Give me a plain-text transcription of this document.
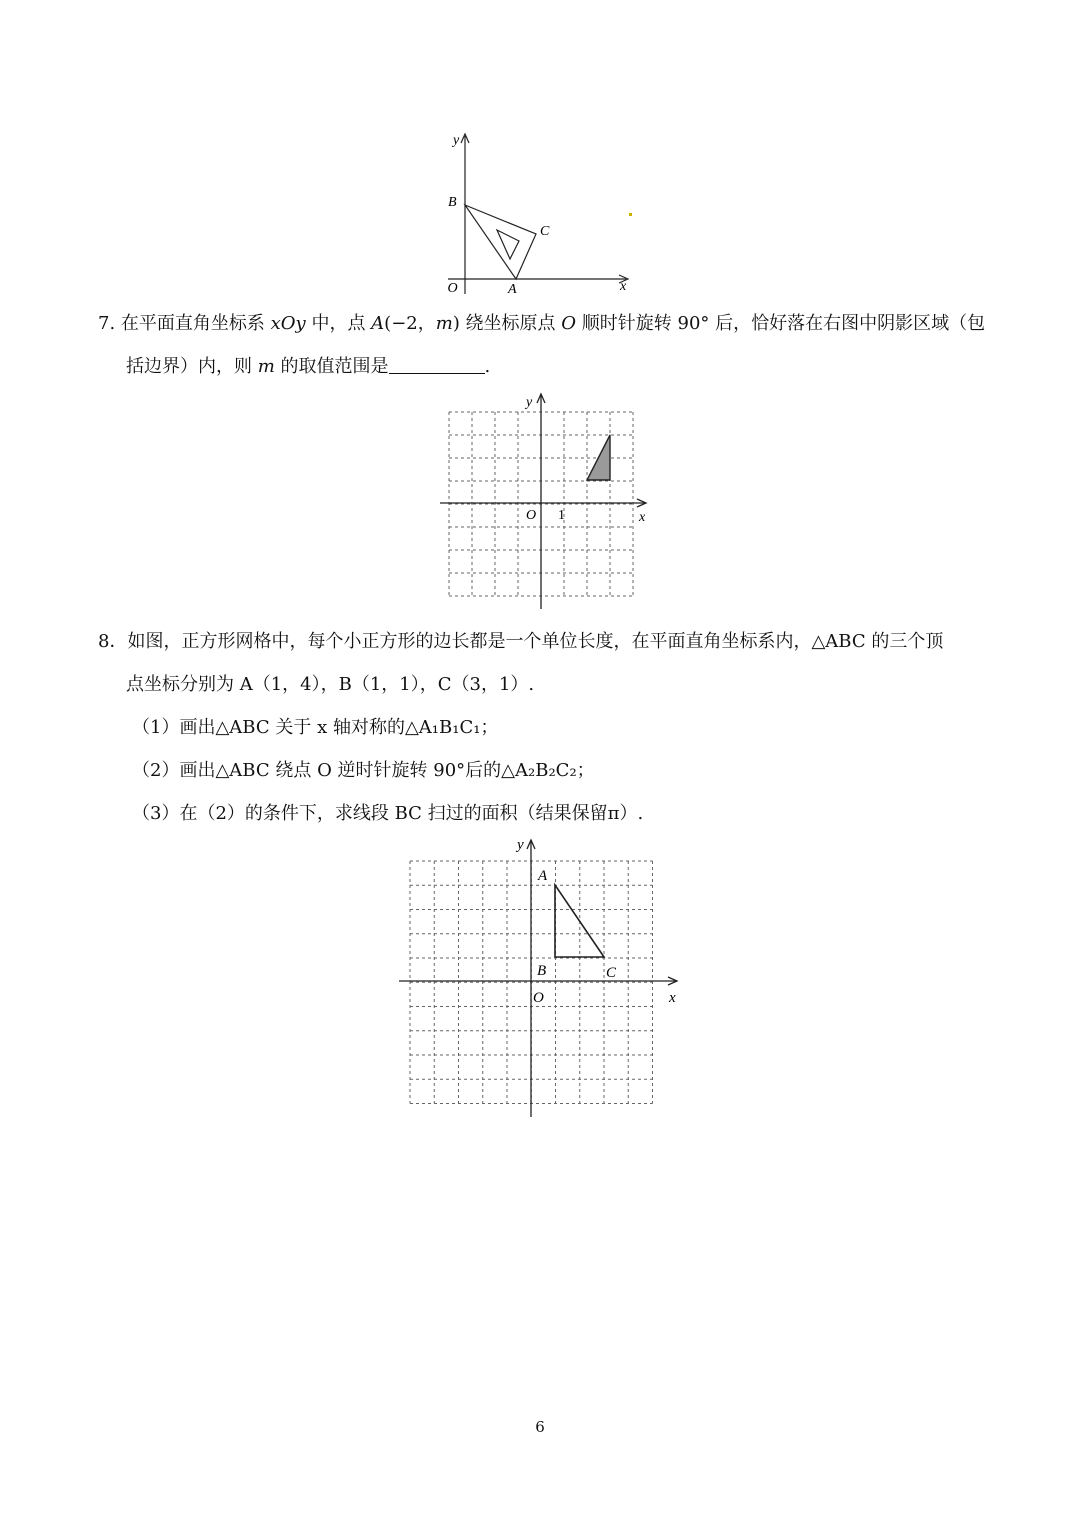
y
x
B
C
A
O
7. 在平面直角坐标系 xOy 中，点 A(−2，m) 绕坐标原点 O 顺时针旋转 90° 后，恰好落在右图中阴影区域（包
括边界）内，则 m 的取值范围是	.
y
x
O 1
8．如图，正方形网格中，每个小正方形的边长都是一个单位长度，在平面直角坐标系内，△ABC 的三个顶
点坐标分别为 A（1，4），B（1，1），C（3，1）.
（1）画出△ABC 关于 x 轴对称的△A₁B₁C₁；
（2）画出△ABC 绕点 O 逆时针旋转 90°后的△A₂B₂C₂；
（3）在（2）的条件下，求线段 BC 扫过的面积（结果保留π）.
y
x
O
A
B	C
6
